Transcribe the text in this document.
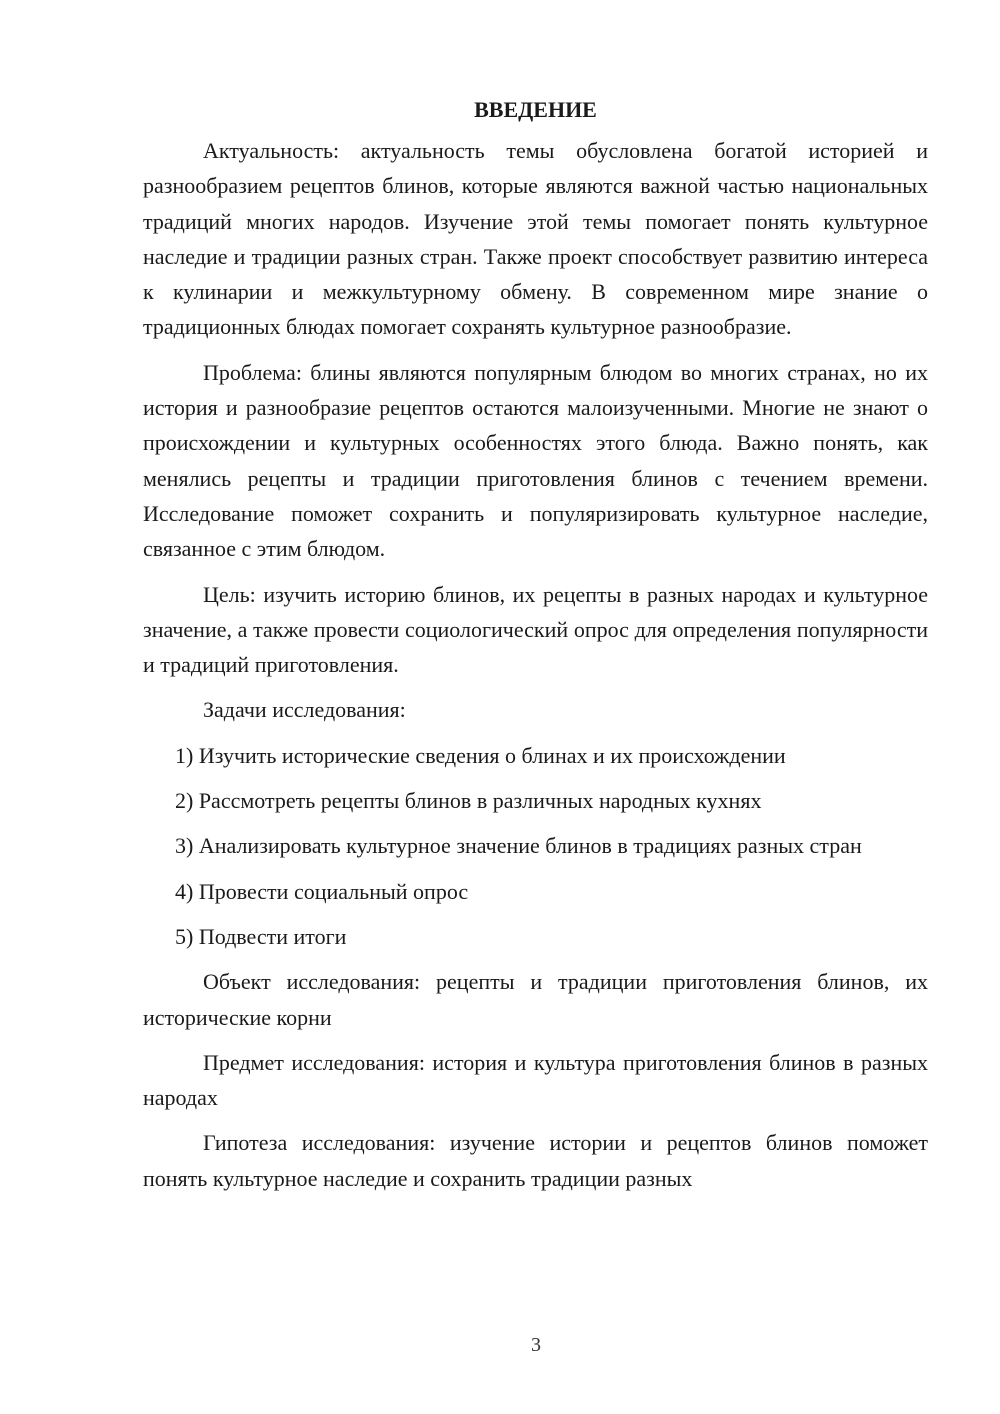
ВВЕДЕНИЕ

Актуальность: актуальность темы обусловлена богатой историей и разнообразием рецептов блинов, которые являются важной частью национальных традиций многих народов. Изучение этой темы помогает понять культурное наследие и традиции разных стран. Также проект способствует развитию интереса к кулинарии и межкультурному обмену. В современном мире знание о традиционных блюдах помогает сохранять культурное разнообразие.

Проблема: блины являются популярным блюдом во многих странах, но их история и разнообразие рецептов остаются малоизученными. Многие не знают о происхождении и культурных особенностях этого блюда. Важно понять, как менялись рецепты и традиции приготовления блинов с течением времени. Исследование поможет сохранить и популяризировать культурное наследие, связанное с этим блюдом.

Цель: изучить историю блинов, их рецепты в разных народах и культурное значение, а также провести социологический опрос для определения популярности и традиций приготовления.

Задачи исследования:

1) Изучить исторические сведения о блинах и их происхождении

2) Рассмотреть рецепты блинов в различных народных кухнях

3) Анализировать культурное значение блинов в традициях разных стран

4) Провести социальный опрос

5) Подвести итоги

Объект исследования: рецепты и традиции приготовления блинов, их исторические корни

Предмет исследования: история и культура приготовления блинов в разных народах

Гипотеза исследования: изучение истории и рецептов блинов поможет понять культурное наследие и сохранить традиции разных

3
